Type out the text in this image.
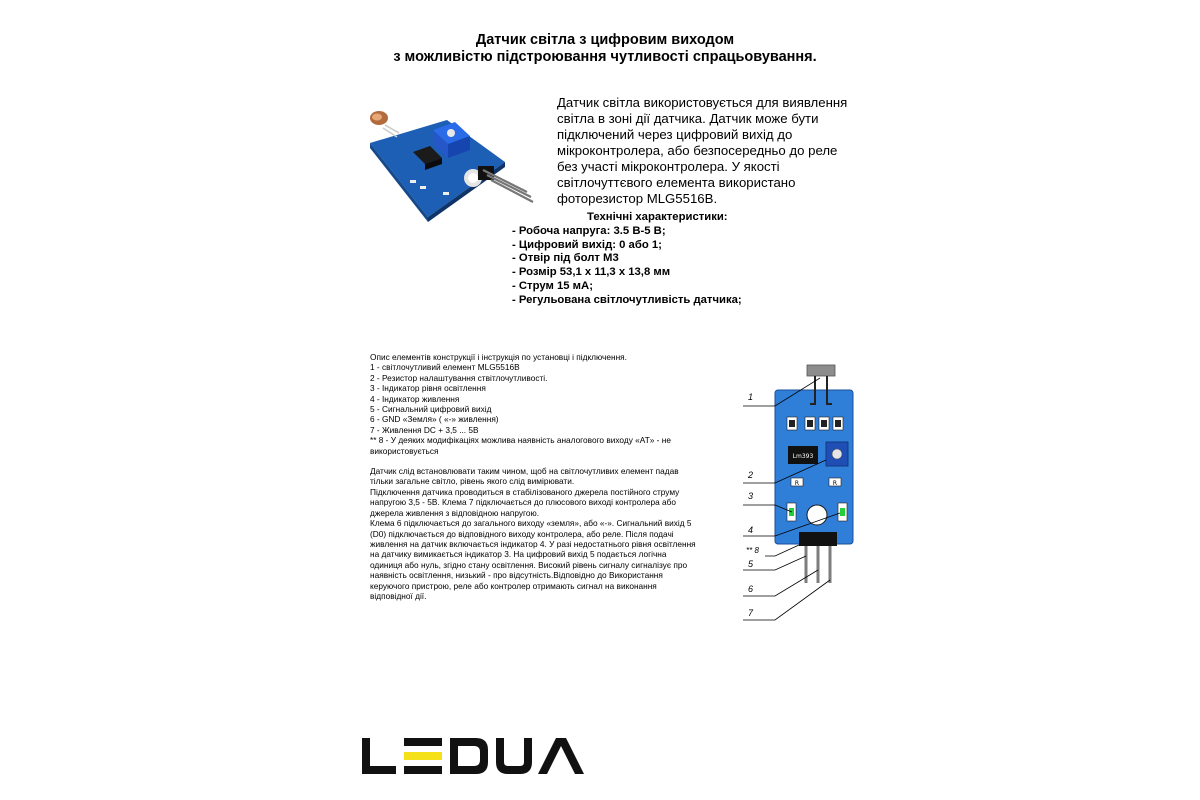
Датчик світла з цифровим виходом
з можливістю підстроювання чутливості спрацьовування.
Датчик світла використовується для виявлення
світла в зоні дії датчика. Датчик може бути
підключений через цифровий вихід до
мікроконтролера, або безпосередньо до реле
без участі мікроконтролера. У якості
світлочуттєвого елемента використано
фоторезистор MLG5516B.
Технічні характеристики:
- Робоча напруга: 3.5 В-5 В;
- Цифровий вихід: 0 або 1;
- Отвір під болт М3
- Розмір 53,1 x 11,3 x 13,8 мм
- Струм 15 мА;
- Регульована світлочутливість датчика;
Опис елементів конструкції і інструкція по установці і підключення.
1 - світлочутливий елемент MLG5516B
2 - Резистор налаштування ствітлочутливості.
3 - Індикатор рівня освітлення
4 - Індикатор живлення
5 - Сигнальний цифровий вихід
6 - GND «Земля» ( «-» живлення)
7 - Живлення DC + 3,5 ... 5В
** 8 - У деяких модифікаціях можлива наявність аналогового виходу «AT» - не
використовується
Датчик слід встановлювати таким чином, щоб на світлочутливих елемент падав
тільки загальне світло, рівень якого слід вимірювати.
Підключення датчика проводиться в стабілізованого джерела постійного струму
напругою 3,5 - 5В. Клема 7 підключається до плюсового виході контролера або
джерела живлення з відповідною напругою.
Клема 6 підключається до загального виходу «земля», або «-». Сигнальний вихід 5
(D0) підключається до відповідного виходу контролера, або реле. Після подачі
живлення на датчик включається індикатор 4. У разі недостатнього рівня освітлення
на датчику вимикається індикатор 3. На цифровий вихід 5 подається логічна
одиниця або нуль, згідно стану освітлення. Високий рівень сигналу сигналізує про
наявність освітлення, низький - про відсутність.Відповідно до Використання
керуючого пристрою, реле або контролер отримають сигнал на виконання
відповідної дії.
Lm393
R	R
1
2
3
4
** 8
5
6
7
